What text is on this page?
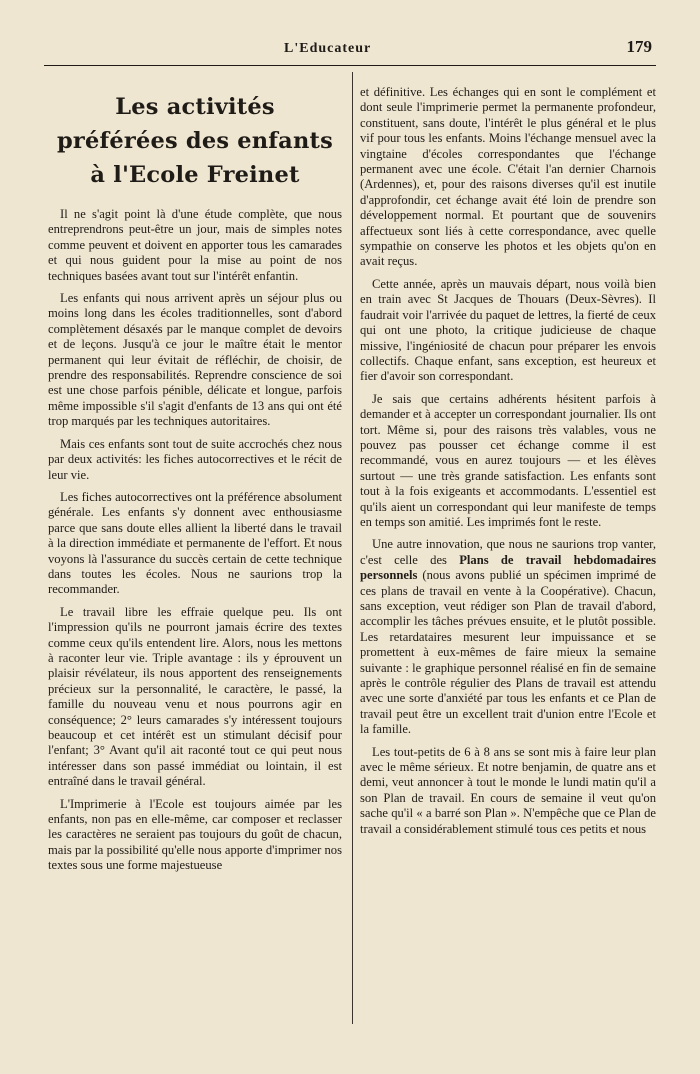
L'Educateur	179
Les activités
préférées des enfants
à l'Ecole Freinet

Il ne s'agit point là d'une étude complète, que nous entreprendrons peut-être un jour, mais de simples notes comme peuvent et doivent en apporter tous les camarades et qui nous guident pour la mise au point de nos techniques basées avant tout sur l'intérêt enfantin.

Les enfants qui nous arrivent après un séjour plus ou moins long dans les écoles traditionnelles, sont d'abord complètement désaxés par le manque complet de devoirs et de leçons. Jusqu'à ce jour le maître était le mentor permanent qui leur évitait de réfléchir, de choisir, de prendre des responsabilités. Reprendre conscience de soi est une chose parfois pénible, délicate et longue, parfois même impossible s'il s'agit d'enfants de 13 ans qui ont été trop marqués par les techniques autoritaires.

Mais ces enfants sont tout de suite accrochés chez nous par deux activités: les fiches autocorrectives et le récit de leur vie.

Les fiches autocorrectives ont la préférence absolument générale. Les enfants s'y donnent avec enthousiasme parce que sans doute elles allient la liberté dans le travail à la direction immédiate et permanente de l'effort. Et nous voyons là l'assurance du succès certain de cette technique dans toutes les écoles. Nous ne saurions trop la recommander.

Le travail libre les effraie quelque peu. Ils ont l'impression qu'ils ne pourront jamais écrire des textes comme ceux qu'ils entendent lire. Alors, nous les mettons à raconter leur vie. Triple avantage : ils y éprouvent un plaisir révélateur, ils nous apportent des renseignements précieux sur la personnalité, le caractère, le passé, la famille du nouveau venu et nous pourrons agir en conséquence; 2° leurs camarades s'y intéressent toujours beaucoup et cet intérêt est un stimulant décisif pour l'enfant; 3° Avant qu'il ait raconté tout ce qui peut nous intéresser dans son passé immédiat ou lointain, il est entraîné dans le travail général.

L'Imprimerie à l'Ecole est toujours aimée par les enfants, non pas en elle-même, car composer et reclasser les caractères ne seraient pas toujours du goût de chacun, mais par la possibilité qu'elle nous apporte d'imprimer nos textes sous une forme majestueuse

et définitive. Les échanges qui en sont le complément et dont seule l'imprimerie permet la permanente profondeur, constituent, sans doute, l'intérêt le plus général et le plus vif pour tous les enfants. Moins l'échange mensuel avec la vingtaine d'écoles correspondantes que l'échange permanent avec une école. C'était l'an dernier Charnois (Ardennes), et, pour des raisons diverses qu'il est inutile d'approfondir, cet échange avait été loin de prendre son développement normal. Et pourtant que de souvenirs affectueux sont liés à cette correspondance, avec quelle sympathie on conserve les photos et les objets qu'on en avait reçus.

Cette année, après un mauvais départ, nous voilà bien en train avec St Jacques de Thouars (Deux-Sèvres). Il faudrait voir l'arrivée du paquet de lettres, la fierté de ceux qui ont une photo, la critique judicieuse de chaque missive, l'ingéniosité de chacun pour préparer les envois collectifs. Chaque enfant, sans exception, est heureux et fier d'avoir son correspondant.

Je sais que certains adhérents hésitent parfois à demander et à accepter un correspondant journalier. Ils ont tort. Même si, pour des raisons très valables, vous ne pouvez pas pousser cet échange comme il est recommandé, vous en aurez toujours — et les élèves surtout — une très grande satisfaction. Les enfants sont tout à la fois exigeants et accommodants. L'essentiel est qu'ils aient un correspondant qui leur manifeste de temps en temps son amitié. Les imprimés font le reste.

Une autre innovation, que nous ne saurions trop vanter, c'est celle des Plans de travail hebdomadaires personnels (nous avons publié un spécimen imprimé de ces plans de travail en vente à la Coopérative). Chacun, sans exception, veut rédiger son Plan de travail d'abord, accomplir les tâches prévues ensuite, et le plutôt possible. Les retardataires mesurent leur impuissance et se promettent à eux-mêmes de faire mieux la semaine suivante : le graphique personnel réalisé en fin de semaine après le contrôle régulier des Plans de travail est attendu avec une sorte d'anxiété par tous les enfants et ce Plan de travail peut être un excellent trait d'union entre l'Ecole et la famille.

Les tout-petits de 6 à 8 ans se sont mis à faire leur plan avec le même sérieux. Et notre benjamin, de quatre ans et demi, veut annoncer à tout le monde le lundi matin qu'il a son Plan de travail. En cours de semaine il veut qu'on sache qu'il « a barré son Plan ». N'empêche que ce Plan de travail a considérablement stimulé tous ces petits et nous
